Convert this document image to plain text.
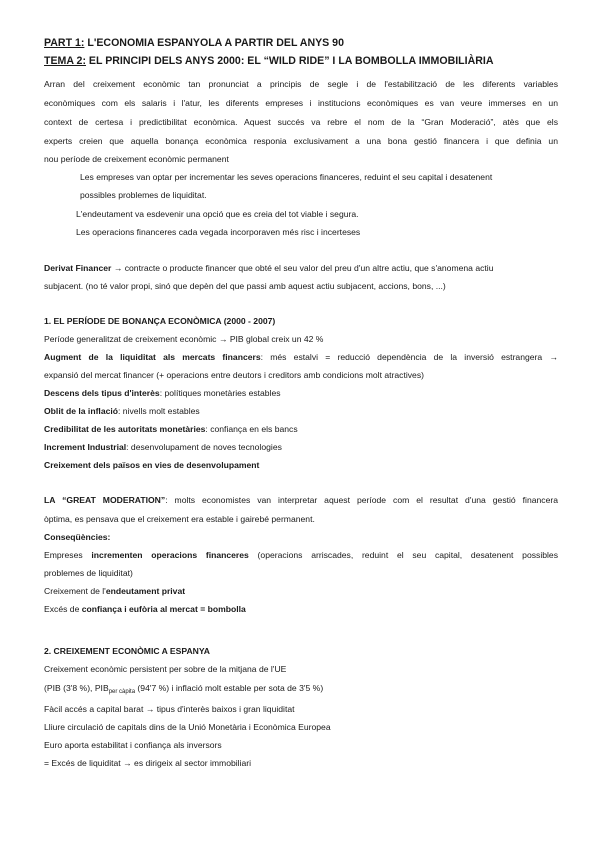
PART 1: L'ECONOMIA ESPANYOLA A PARTIR DEL ANYS 90
TEMA 2: EL PRINCIPI DELS ANYS 2000: EL “WILD RIDE” I LA BOMBOLLA IMMOBILIÀRIA
Arran del creixement econòmic tan pronunciat a principis de segle i de l'estabilització de les diferents variables
econòmiques com els salaris i l'atur, les diferents empreses i institucions econòmiques es van veure immerses en un
context de certesa i predictibilitat econòmica. Aquest succés va rebre el nom de la “Gran Moderació”, atès que els
experts creien que aquella bonança econòmica responia exclusivament a una bona gestió financera i que definia un
nou període de creixement econòmic permanent
Les empreses van optar per incrementar les seves operacions financeres, reduint el seu capital i desatenent
possibles problemes de liquiditat.
L'endeutament va esdevenir una opció que es creia del tot viable i segura.
Les operacions financeres cada vegada incorporaven més risc i incerteses
Derivat Financer → contracte o producte financer que obté el seu valor del preu d'un altre actiu, que s'anomena actiu
subjacent. (no té valor propi, sinó que depèn del que passi amb aquest actiu subjacent, accions, bons, ...)
1. EL PERÍODE DE BONANÇA ECONÒMICA (2000 - 2007)
Període generalitzat de creixement econòmic → PIB global creix un 42 %
Augment de la liquiditat als mercats financers: més estalvi = reducció dependència de la inversió estrangera →
expansió del mercat financer (+ operacions entre deutors i creditors amb condicions molt atractives)
Descens dels tipus d'interès: polítiques monetàries estables
Oblit de la inflació: nivells molt estables
Credibilitat de les autoritats monetàries: confiança en els bancs
Increment Industrial: desenvolupament de noves tecnologies
Creixement dels països en vies de desenvolupament
LA “GREAT MODERATION”: molts economistes van interpretar aquest període com el resultat d'una gestió financera
òptima, es pensava que el creixement era estable i gairebé permanent.
Conseqüències:
Empreses incrementen operacions financeres (operacions arriscades, reduint el seu capital, desatenent possibles
problemes de liquiditat)
Creixement de l'endeutament privat
Excés de confiança i eufòria al mercat = bombolla
2. CREIXEMENT ECONÒMIC A ESPANYA
Creixement econòmic persistent per sobre de la mitjana de l'UE
(PIB (3'8 %), $PIB_{per càpita}$ (94'7 %) i inflació molt estable per sota de 3'5 %)
Fàcil accés a capital barat → tipus d'interès baixos i gran liquiditat
Lliure circulació de capitals dins de la Unió Monetària i Econòmica Europea
Euro aporta estabilitat i confiança als inversors
= Excés de liquiditat → es dirigeix al sector immobiliari
